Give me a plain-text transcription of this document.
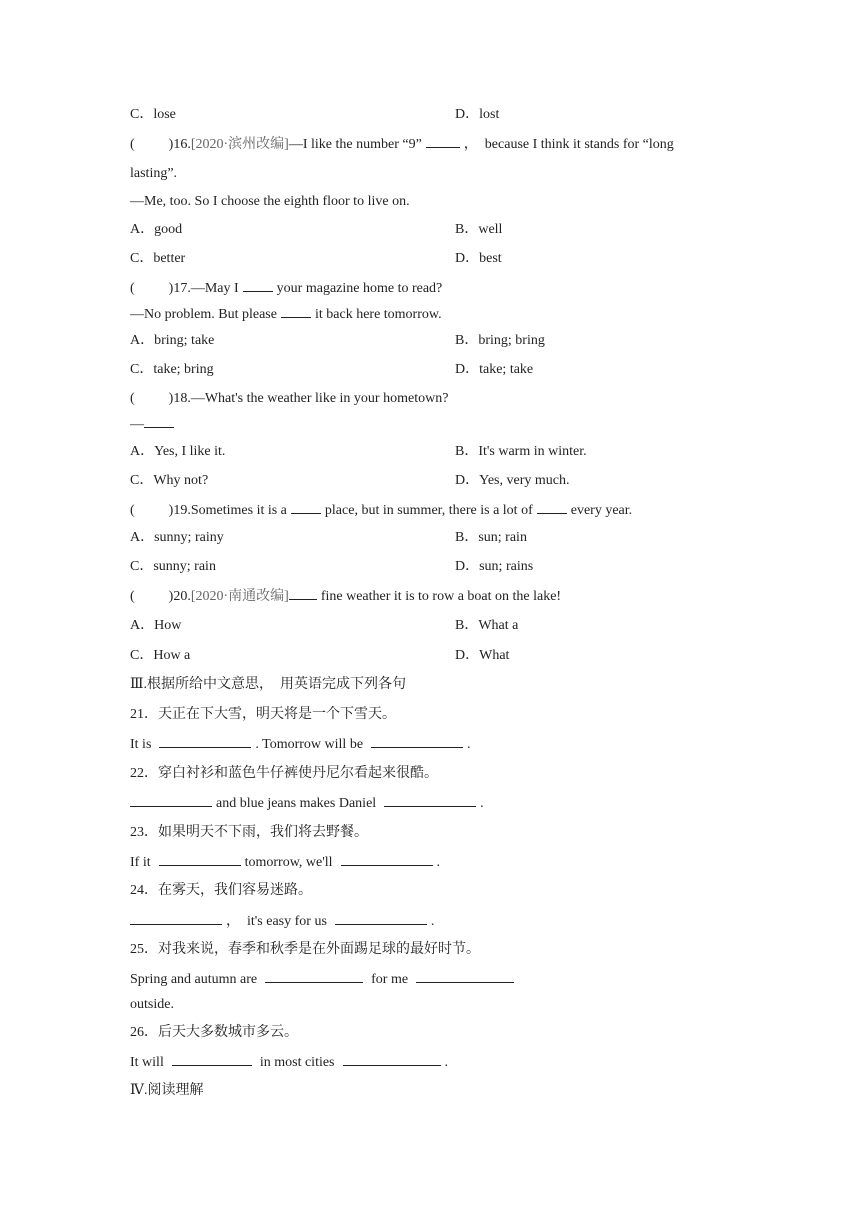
C．lose	D．lost
( )16.[2020·滨州改编]—I like the number “9”	，  because I think it stands for “long
lasting”.
—Me, too. So I choose the eighth floor to live on.
A．good	B．well
C．better	D．best
( )17.—May I	your magazine home to read?
—No problem. But please	it back here tomorrow.
A．bring; take	B．bring; bring
C．take; bring	D．take; take
( )18.—What's the weather like in your hometown?
—
A．Yes, I like it.	B．It's warm in winter.
C．Why not?	D．Yes, very much.
( )19.Sometimes it is a	place, but in summer, there is a lot of	every year.
A．sunny; rainy	B．sun; rain
C．sunny; rain	D．sun; rains
( )20.[2020·南通改编] fine weather it is to row a boat on the lake!
A．How	B．What a
C．How a	D．What
Ⅲ.根据所给中文意思，  用英语完成下列各句
21．天正在下大雪，明天将是一个下雪天。
It is	. Tomorrow will be	.
22．穿白衬衫和蓝色牛仔裤使丹尼尔看起来很酷。
and blue jeans makes Daniel	.
23．如果明天不下雨，我们将去野餐。
If it	tomorrow, we'll	.
24．在雾天，我们容易迷路。
， it's easy for us	.
25．对我来说，春季和秋季是在外面踢足球的最好时节。
Spring and autumn are	for me
outside.
26．后天大多数城市多云。
It will	in most cities	.
Ⅳ.阅读理解
